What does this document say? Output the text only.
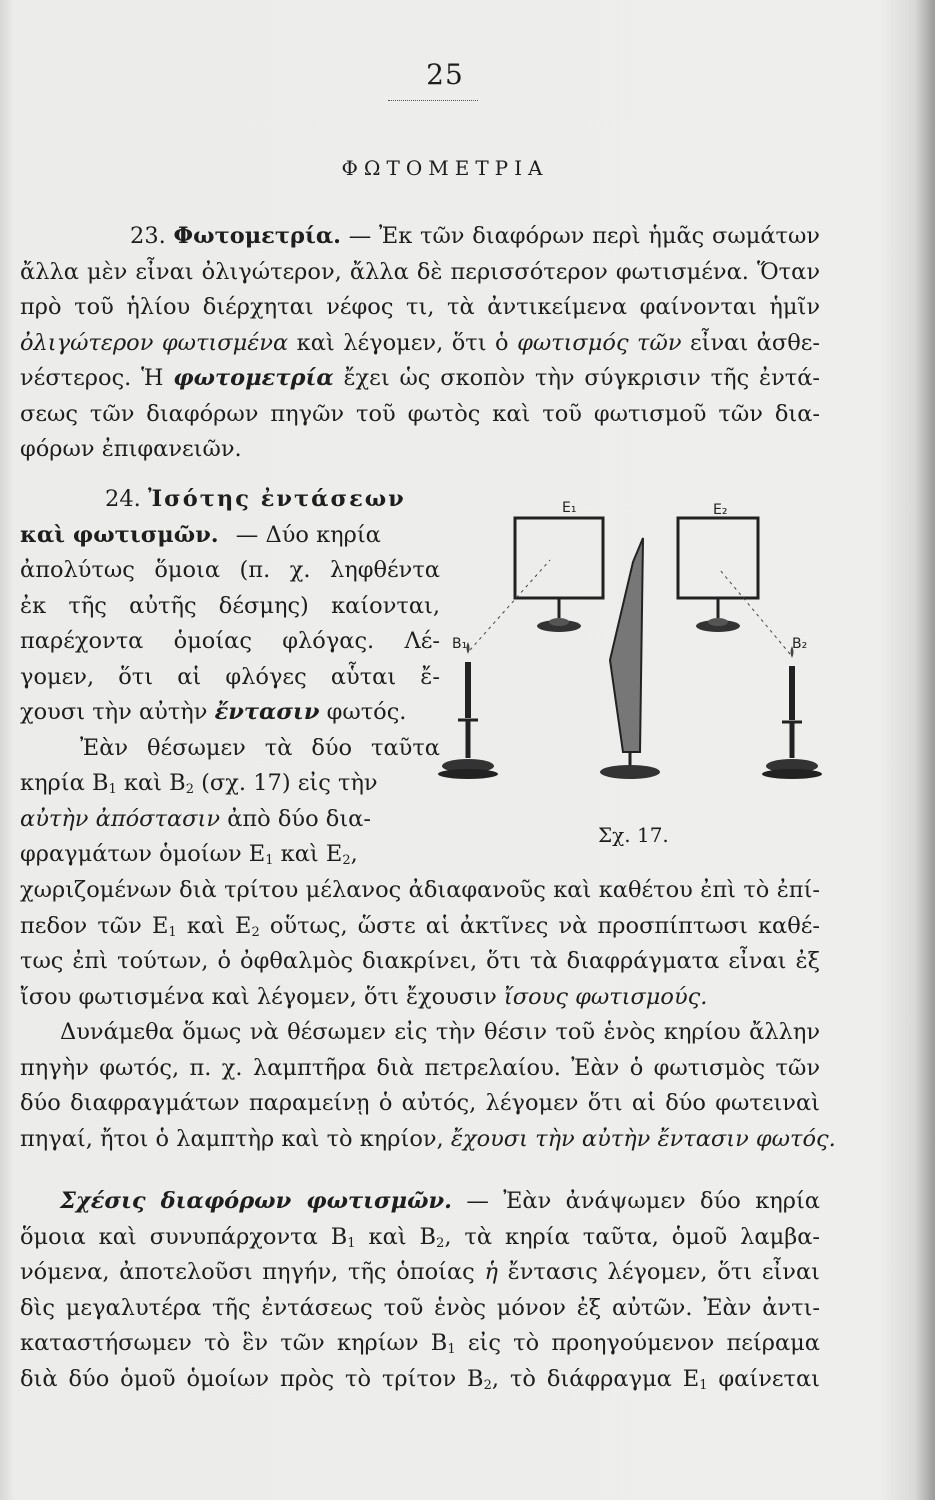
25
ΦΩΤΟΜΕΤΡΙΑ
23. Φωτομετρία. — Ἐκ τῶν διαφόρων περὶ ἡμᾶς σωμάτων
ἄλλα μὲν εἶναι ὀλιγώτερον, ἄλλα δὲ περισσότερον φωτισμένα. Ὅταν
πρὸ τοῦ ἡλίου διέρχηται νέφος τι, τὰ ἀντικείμενα φαίνονται ἡμῖν
ὀλιγώτερον φωτισμένα καὶ λέγομεν, ὅτι ὁ φωτισμός τῶν εἶναι ἀσθε-
νέστερος. Ἡ φωτομετρία ἔχει ὡς σκοπὸν τὴν σύγκρισιν τῆς ἐντά-
σεως τῶν διαφόρων πηγῶν τοῦ φωτὸς καὶ τοῦ φωτισμοῦ τῶν δια-
φόρων ἐπιφανειῶν.
24. Ἰσότης ἐντάσεων
καὶ φωτισμῶν. — Δύο κηρία
ἀπολύτως ὅμοια (π. χ. ληφθέντα
ἐκ τῆς αὐτῆς δέσμης) καίονται,
παρέχοντα ὁμοίας φλόγας. Λέ-
γομεν, ὅτι αἱ φλόγες αὗται ἔ-
χουσι τὴν αὐτὴν ἔντασιν φωτός.
Ἐὰν θέσωμεν τὰ δύο ταῦτα
κηρία $B_1$ καὶ $B_2$ (σχ. 17) εἰς τὴν
αὐτὴν ἀπόστασιν ἀπὸ δύο δια-
φραγμάτων ὁμοίων $E_1$ καὶ $E_2$,
E₁	E₂
B₁	B₂
Σχ. 17.
χωριζομένων διὰ τρίτου μέλανος ἀδιαφανοῦς καὶ καθέτου ἐπὶ τὸ ἐπί-
πεδον τῶν $E_1$ καὶ $E_2$ οὕτως, ὥστε αἱ ἀκτῖνες νὰ προσπίπτωσι καθέ-
τως ἐπὶ τούτων, ὁ ὀφθαλμὸς διακρίνει, ὅτι τὰ διαφράγματα εἶναι ἐξ
ἴσου φωτισμένα καὶ λέγομεν, ὅτι ἔχουσιν ἴσους φωτισμούς.
Δυνάμεθα ὅμως νὰ θέσωμεν εἰς τὴν θέσιν τοῦ ἑνὸς κηρίου ἄλλην
πηγὴν φωτός, π. χ. λαμπτῆρα διὰ πετρελαίου. Ἐὰν ὁ φωτισμὸς τῶν
δύο διαφραγμάτων παραμείνῃ ὁ αὐτός, λέγομεν ὅτι αἱ δύο φωτειναὶ
πηγαί, ἤτοι ὁ λαμπτὴρ καὶ τὸ κηρίον, ἔχουσι τὴν αὐτὴν ἔντασιν φωτός.
Σχέσις διαφόρων φωτισμῶν. — Ἐὰν ἀνάψωμεν δύο κηρία
ὅμοια καὶ συνυπάρχοντα $B_1$ καὶ $B_2$, τὰ κηρία ταῦτα, ὁμοῦ λαμβα-
νόμενα, ἀποτελοῦσι πηγήν, τῆς ὁποίας ἡ ἔντασις λέγομεν, ὅτι εἶναι
δὶς μεγαλυτέρα τῆς ἐντάσεως τοῦ ἑνὸς μόνον ἐξ αὐτῶν. Ἐὰν ἀντι-
καταστήσωμεν τὸ ἓν τῶν κηρίων $B_1$ εἰς τὸ προηγούμενον πείραμα
διὰ δύο ὁμοῦ ὁμοίων πρὸς τὸ τρίτον $B_2$, τὸ διάφραγμα $E_1$ φαίνεται
